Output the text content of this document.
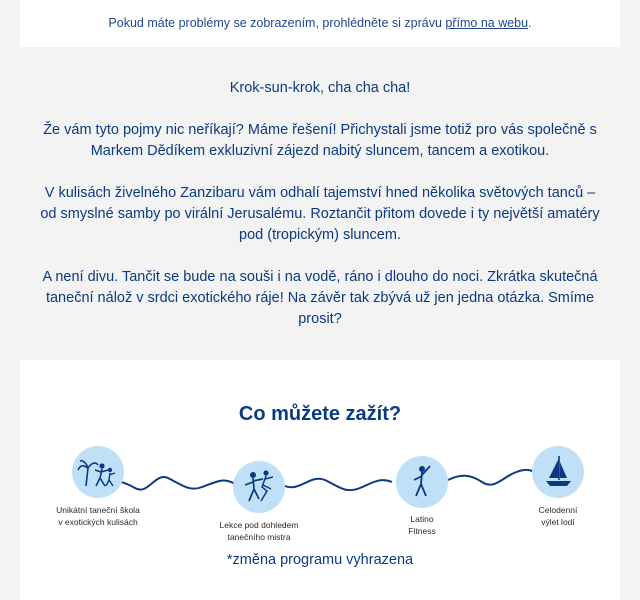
Pokud máte problémy se zobrazením, prohlédněte si zprávu přímo na webu.
Krok-sun-krok, cha cha cha!
Že vám tyto pojmy nic neříkají? Máme řešení! Přichystali jsme totiž pro vás společně s Markem Dědíkem exkluzivní zájezd nabitý sluncem, tancem a exotikou.
V kulisách živelného Zanzibaru vám odhalí tajemství hned několika světových tanců – od smyslné samby po virální Jerusalému. Roztančit přitom dovede i ty největší amatéry pod (tropickým) sluncem.
A není divu. Tančit se bude na souši i na vodě, ráno i dlouho do noci. Zkrátka skutečná taneční nálož v srdci exotického ráje! Na závěr tak zbývá už jen jedna otázka. Smíme prosit?
Co můžete zažít?
Unikátní taneční škola
v exotických kulisách	Lekce pod dohledem
tanečního mistra
Latino
Fitness
Celodenní
výlet lodí
*změna programu vyhrazena
